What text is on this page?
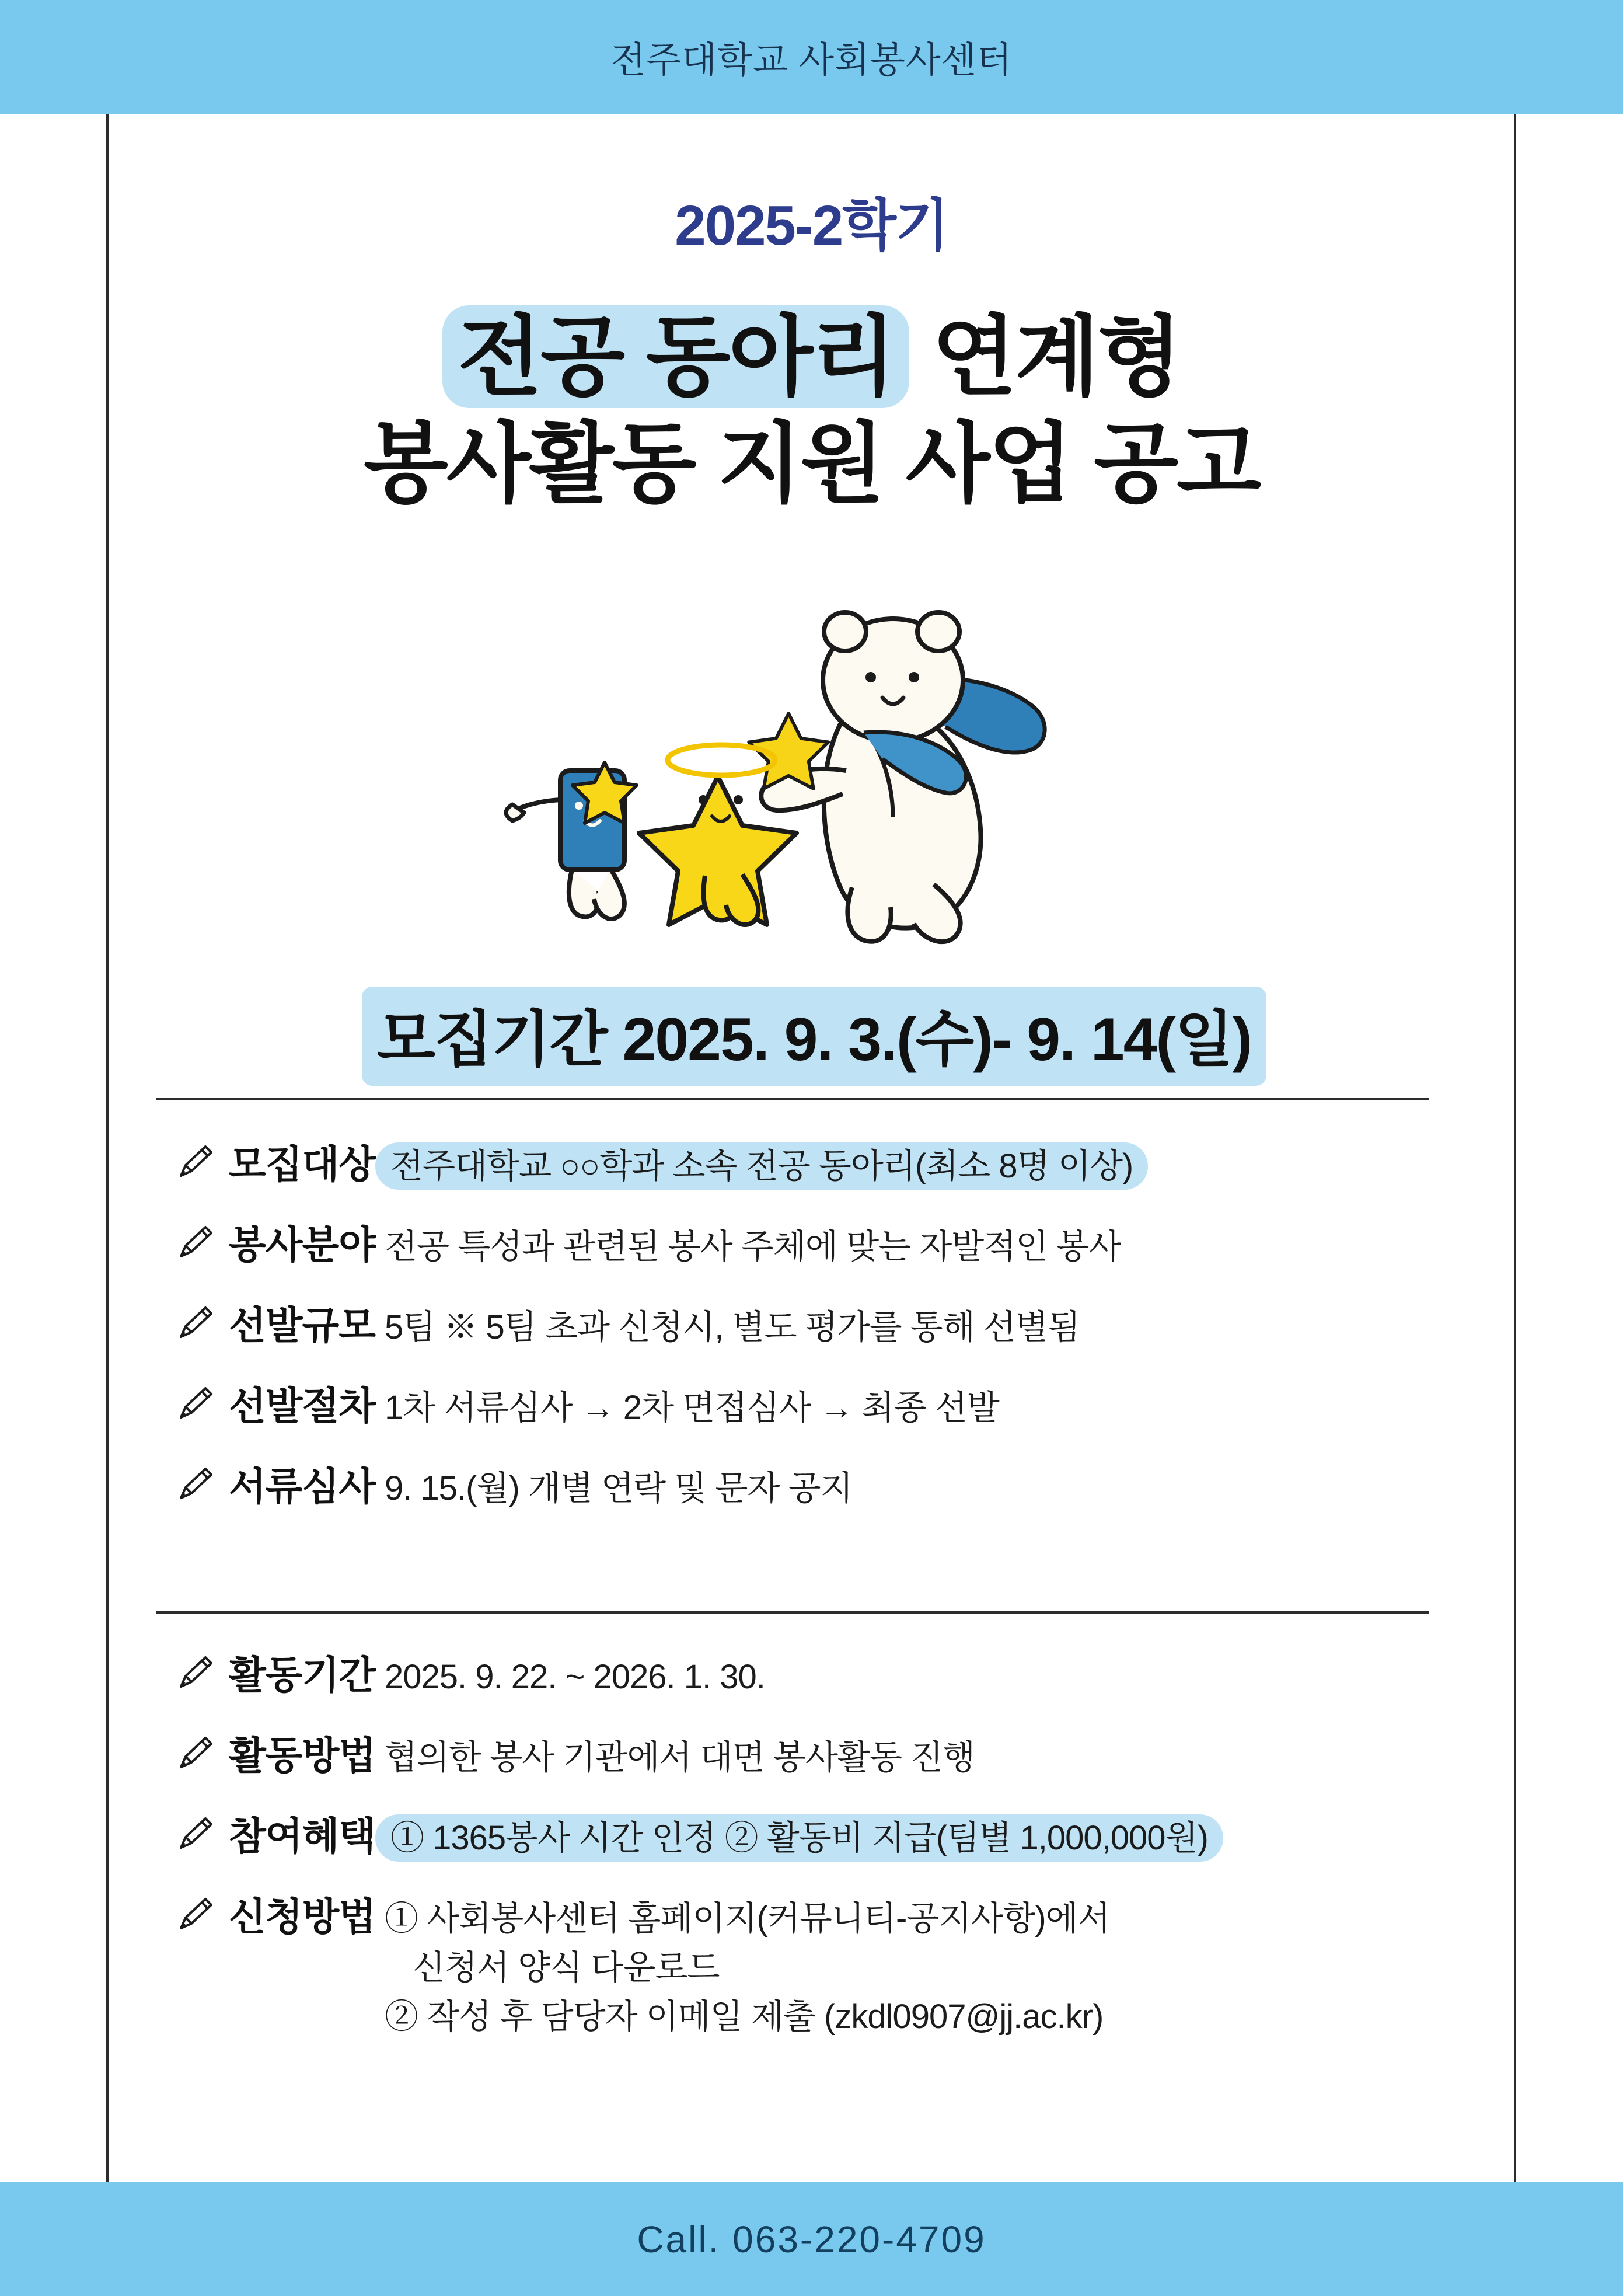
전주대학교 사회봉사센터
2025-2학기
전공 동아리 연계형
봉사활동 지원 사업 공고
모집기간 2025. 9. 3.(수)- 9. 14(일)
모집대상 전주대학교 ○○학과 소속 전공 동아리(최소 8명 이상)
봉사분야 전공 특성과 관련된 봉사 주체에 맞는 자발적인 봉사
선발규모 5팀 ※ 5팀 초과 신청시, 별도 평가를 통해 선별됨
선발절차 1차 서류심사 → 2차 면접심사 → 최종 선발
서류심사 9. 15.(월) 개별 연락 및 문자 공지
활동기간 2025. 9. 22. ~ 2026. 1. 30.
활동방법 협의한 봉사 기관에서 대면 봉사활동 진행
참여혜택 ① 1365봉사 시간 인정 ② 활동비 지급(팀별 1,000,000원)
신청방법 ① 사회봉사센터 홈페이지(커뮤니티-공지사항)에서
신청서 양식 다운로드
② 작성 후 담당자 이메일 제출 (zkdl0907@jj.ac.kr)
Call. 063-220-4709
